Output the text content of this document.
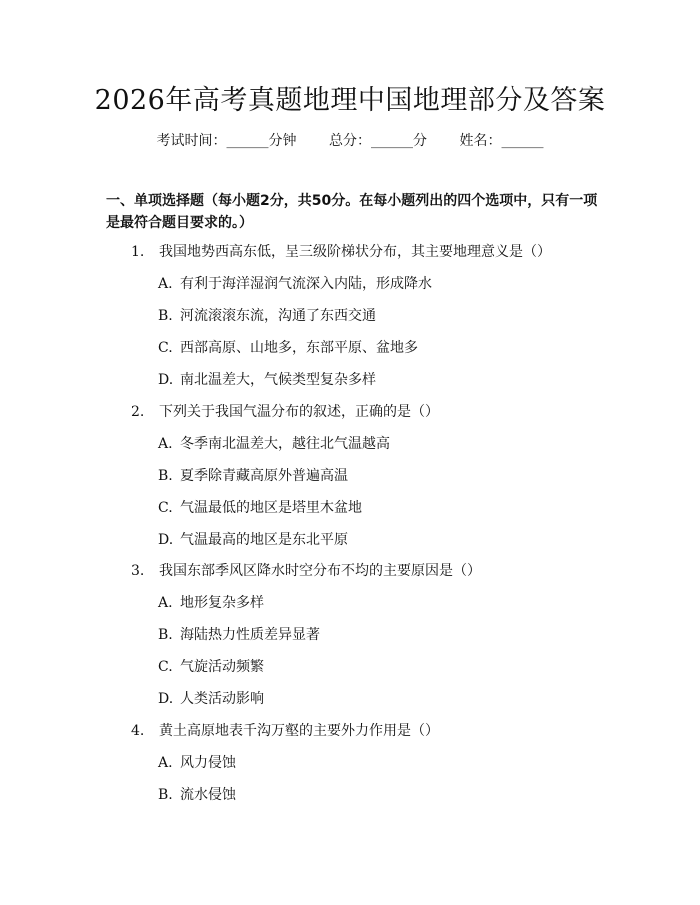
2026年高考真题地理中国地理部分及答案
考试时间：______分钟 总分：______分 姓名：______

一、单项选择题（每小题2分，共50分。在每小题列出的四个选项中，只有一项是最符合题目要求的。）

1. 我国地势西高东低，呈三级阶梯状分布，其主要地理意义是（）
A. 有利于海洋湿润气流深入内陆，形成降水
B. 河流滚滚东流，沟通了东西交通
C. 西部高原、山地多，东部平原、盆地多
D. 南北温差大，气候类型复杂多样
2. 下列关于我国气温分布的叙述，正确的是（）
A. 冬季南北温差大，越往北气温越高
B. 夏季除青藏高原外普遍高温
C. 气温最低的地区是塔里木盆地
D. 气温最高的地区是东北平原
3. 我国东部季风区降水时空分布不均的主要原因是（）
A. 地形复杂多样
B. 海陆热力性质差异显著
C. 气旋活动频繁
D. 人类活动影响
4. 黄土高原地表千沟万壑的主要外力作用是（）
A. 风力侵蚀
B. 流水侵蚀
